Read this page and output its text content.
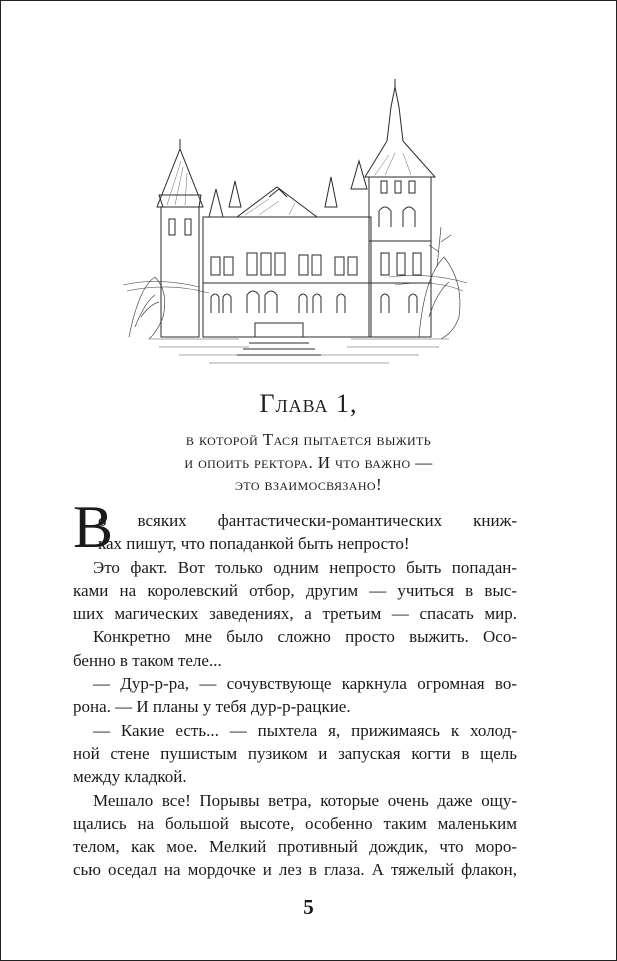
Глава 1,
в которой Тася пытается выжить
и опоить ректора. И что важно —
это взаимосвязано!
В
о всяких фантастически-романтических книж-
ках пишут, что попаданкой быть непросто!
Это факт. Вот только одним непросто быть попадан-
ками на королевский отбор, другим — учиться в выс-
ших магических заведениях, а третьим — спасать мир.
Конкретно мне было сложно просто выжить. Осо-
бенно в таком теле...
— Дур-р-ра, — сочувствующе каркнула огромная во-
рона. — И планы у тебя дур-р-рацкие.
— Какие есть... — пыхтела я, прижимаясь к холод-
ной стене пушистым пузиком и запуская когти в щель
между кладкой.
Мешало все! Порывы ветра, которые очень даже ощу-
щались на большой высоте, особенно таким маленьким
телом, как мое. Мелкий противный дождик, что моро-
сью оседал на мордочке и лез в глаза. А тяжелый флакон,
5
